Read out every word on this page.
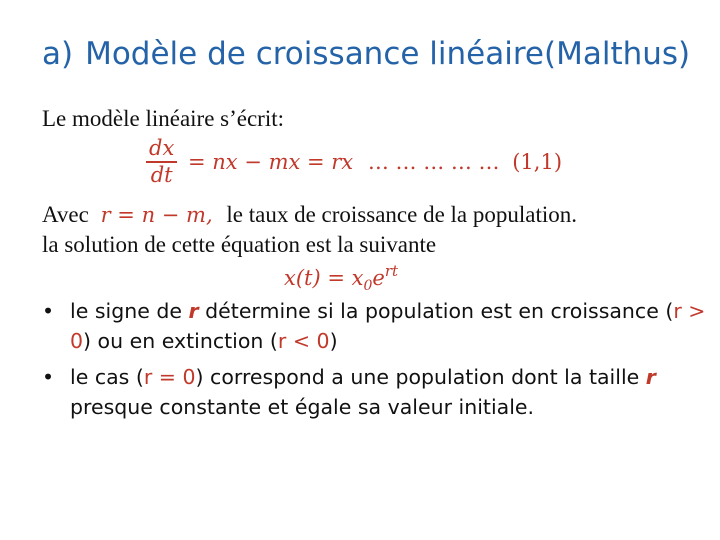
a) Modèle de croissance linéaire(Malthus)
Le modèle linéaire s’écrit:
$\frac{dx}{dt}$ = nx − mx = rx … … … … … (1,1)
Avec r = n − m, le taux de croissance de la population.
la solution de cette équation est la suivante
$x(t) = x_0e^{rt}$
• le signe de r détermine si la population est en croissance (r > 0) ou en extinction (r < 0)
• le cas (r = 0) correspond a une population dont la taille r presque constante et égale sa valeur initiale.
